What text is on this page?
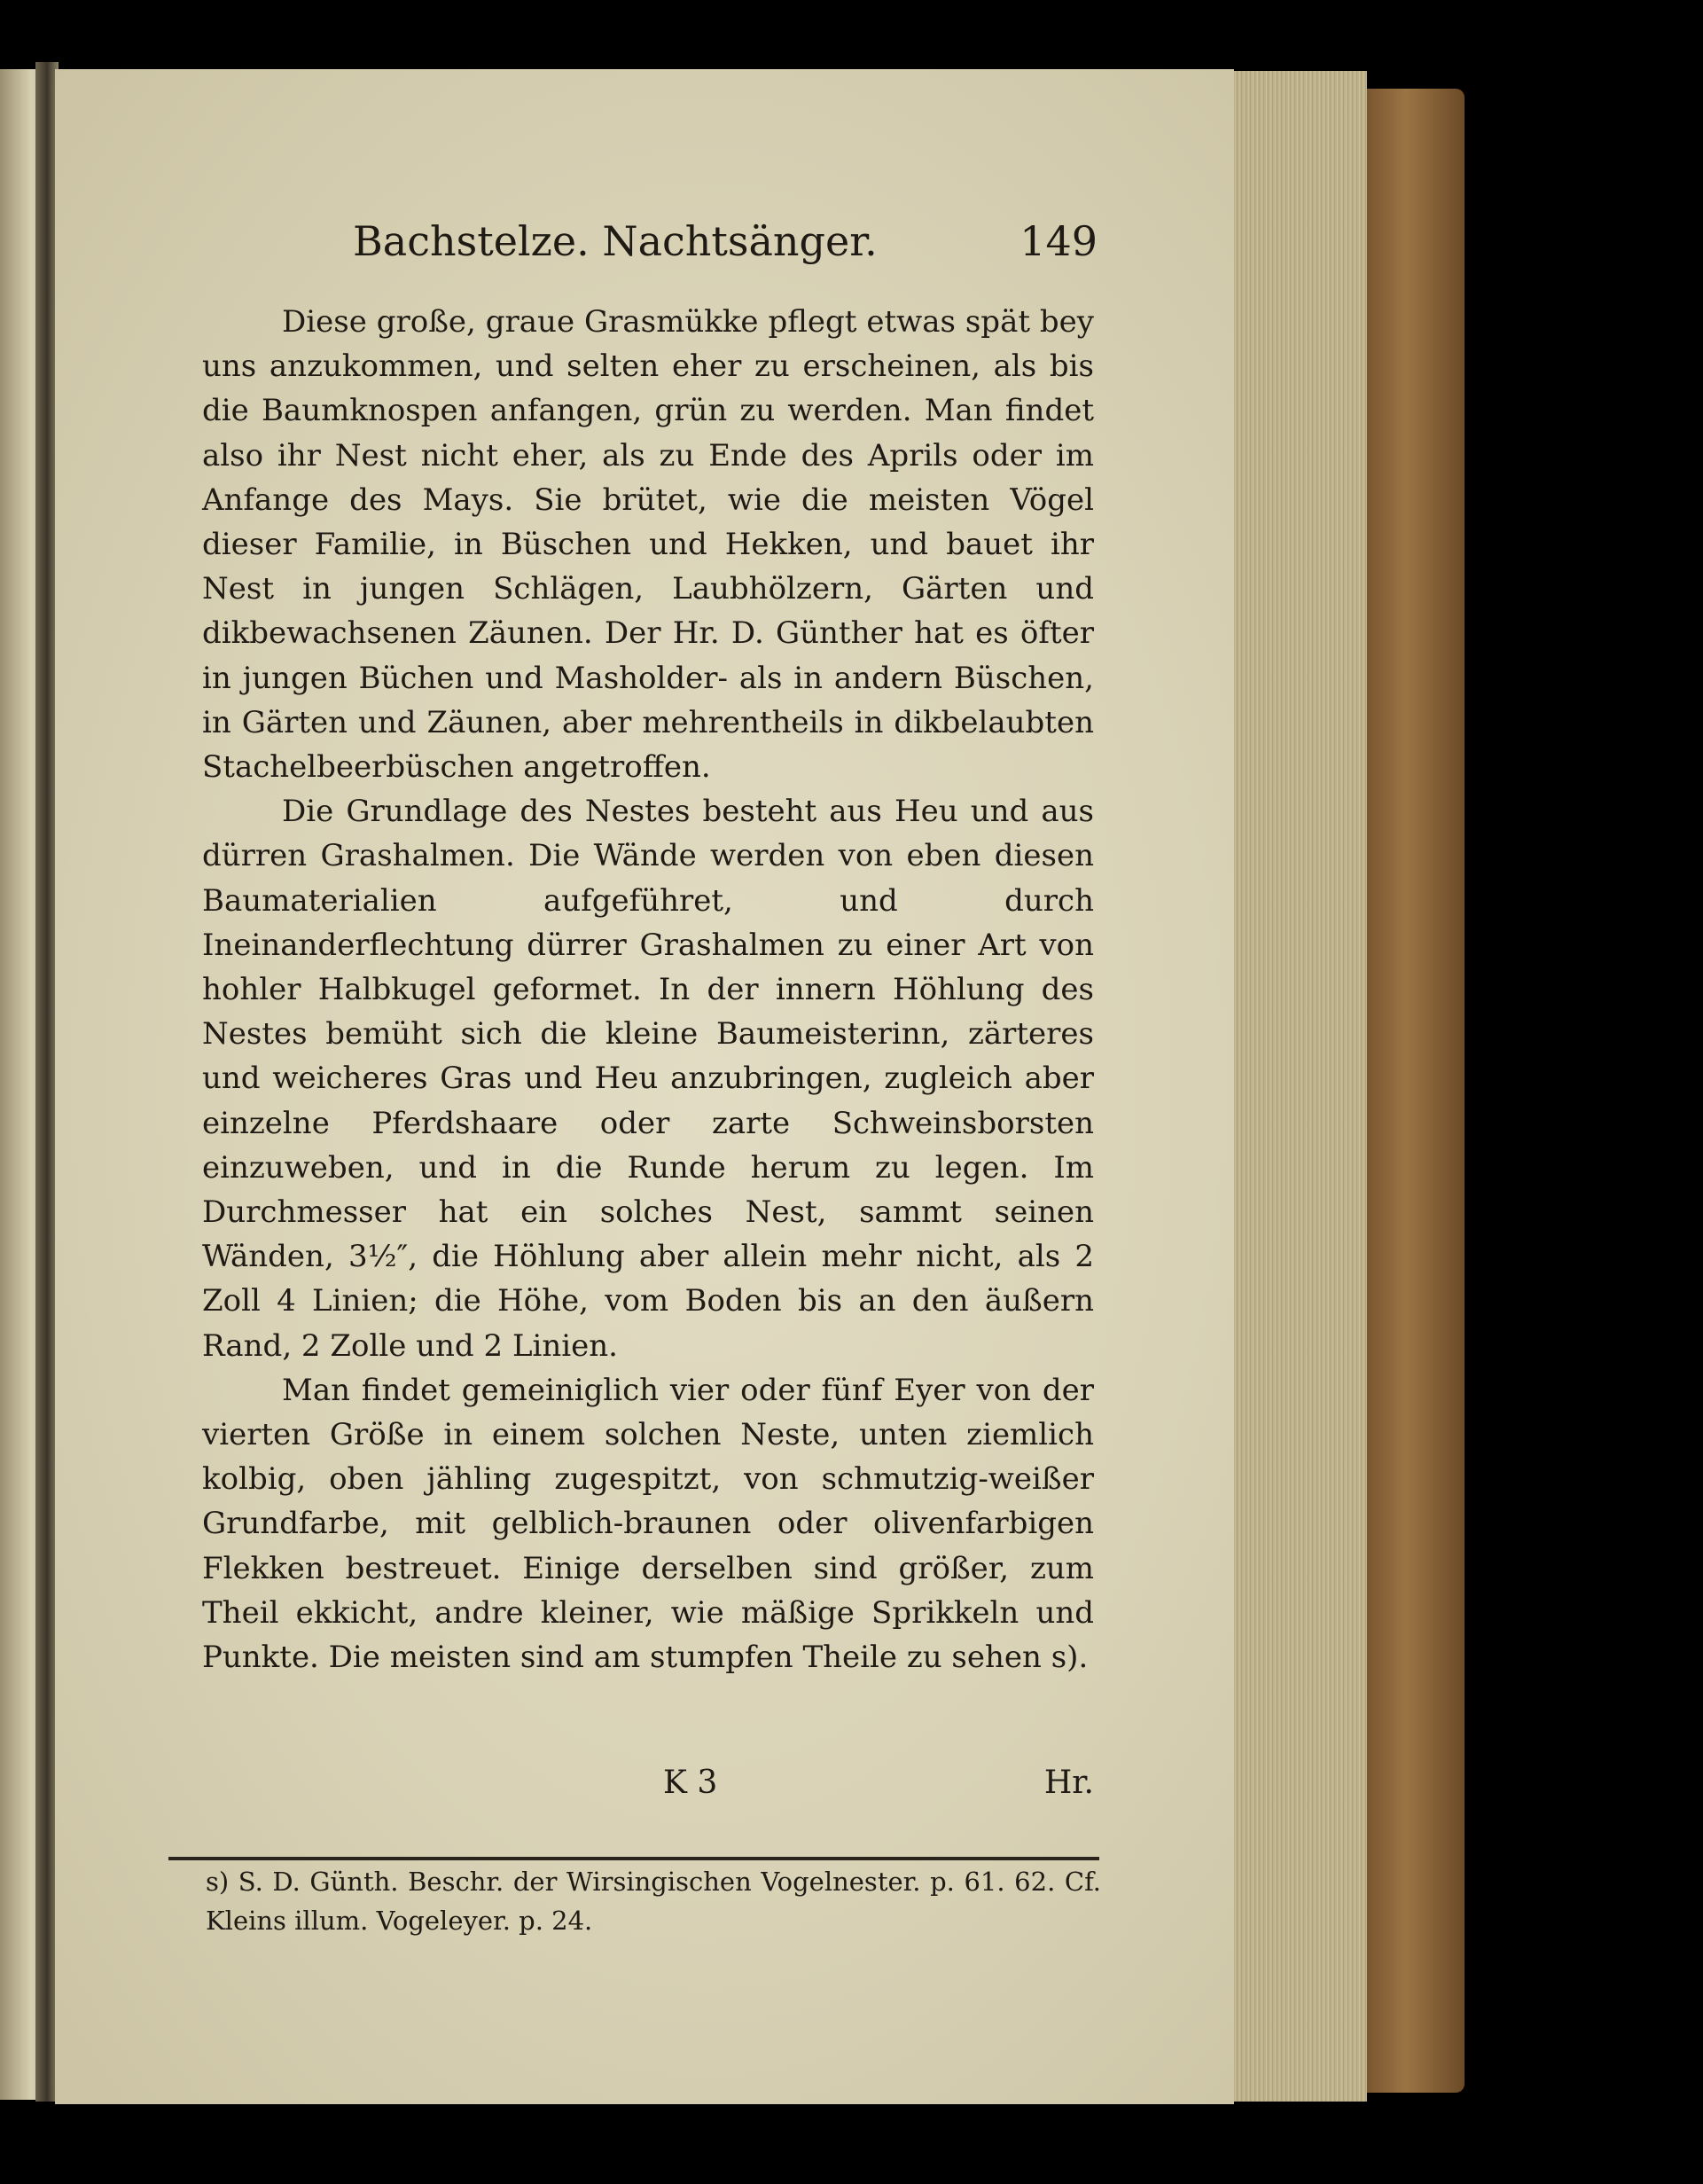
Bachstelze. Nachtsänger.	149

Diese große, graue Grasmükke pflegt etwas spät bey uns anzukommen, und selten eher zu erscheinen, als bis die Baumknospen anfangen, grün zu werden. Man findet also ihr Nest nicht eher, als zu Ende des Aprils oder im Anfange des Mays. Sie brütet, wie die meisten Vögel dieser Familie, in Büschen und Hekken, und bauet ihr Nest in jungen Schlägen, Laubhölzern, Gärten und dikbewachsenen Zäunen. Der Hr. D. Günther hat es öfter in jungen Büchen und Masholder- als in andern Büschen, in Gärten und Zäunen, aber mehrentheils in dikbelaubten Stachelbeerbüschen angetroffen.

Die Grundlage des Nestes besteht aus Heu und aus dürren Grashalmen. Die Wände werden von eben diesen Baumaterialien aufgeführet, und durch Ineinanderflechtung dürrer Grashalmen zu einer Art von hohler Halbkugel geformet. In der innern Höhlung des Nestes bemüht sich die kleine Baumeisterinn, zärteres und weicheres Gras und Heu anzubringen, zugleich aber einzelne Pferdshaare oder zarte Schweinsborsten einzuweben, und in die Runde herum zu legen. Im Durchmesser hat ein solches Nest, sammt seinen Wänden, 3½″, die Höhlung aber allein mehr nicht, als 2 Zoll 4 Linien; die Höhe, vom Boden bis an den äußern Rand, 2 Zolle und 2 Linien.

Man findet gemeiniglich vier oder fünf Eyer von der vierten Größe in einem solchen Neste, unten ziemlich kolbig, oben jähling zugespitzt, von schmutzig-weißer Grundfarbe, mit gelblich-braunen oder olivenfarbigen Flekken bestreuet. Einige derselben sind größer, zum Theil ekkicht, andre kleiner, wie mäßige Sprikkeln und Punkte. Die meisten sind am stumpfen Theile zu sehen s).

K 3	Hr.
s) S. D. Günth. Beschr. der Wirsingischen Vogelnester. p. 61. 62. Cf. Kleins illum. Vogeleyer. p. 24.
